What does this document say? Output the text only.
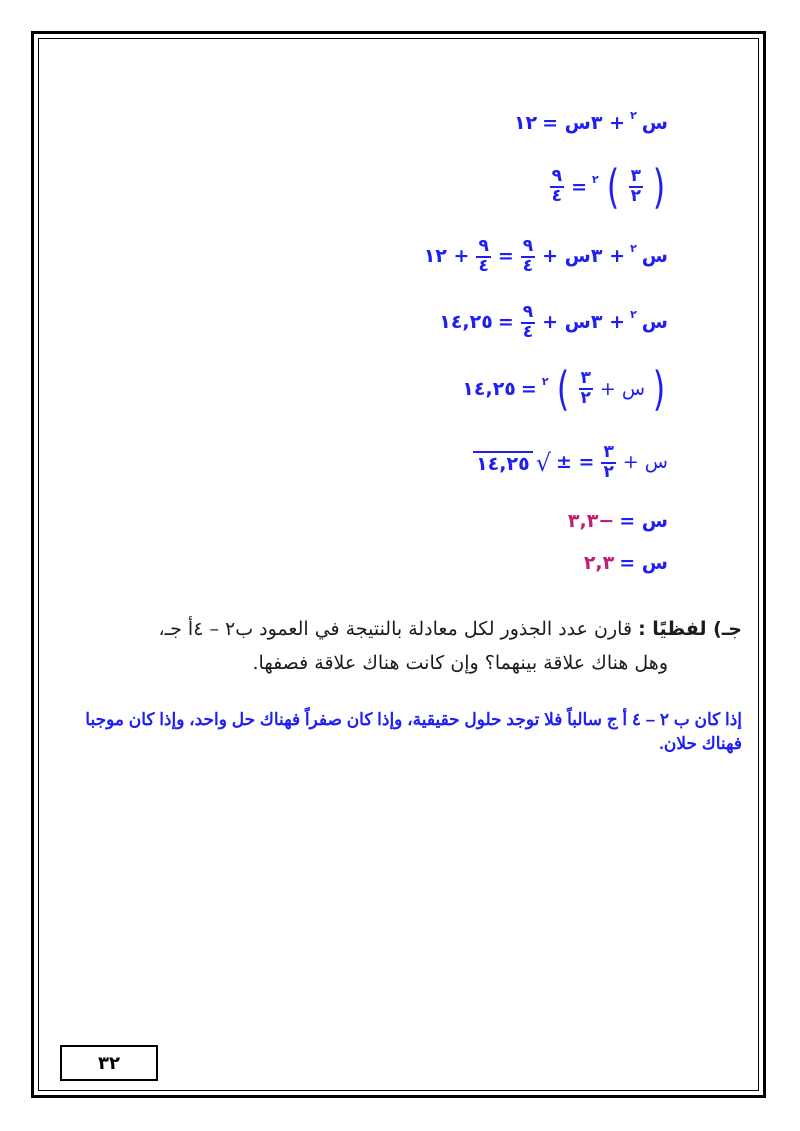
س
٢
+ ٣س =
١٢
(
$\frac{٣}{٢}$
)
٢
=
$\frac{٩}{٤}$
س
٢
+ ٣س +
$\frac{٩}{٤}$
=
$\frac{٩}{٤}$
+ ١٢
س
٢
+ ٣س +
$\frac{٩}{٤}$
=
١٤,٢٥
(
س +
$\frac{٣}{٢}$
)
٢
=
١٤,٢٥
س +
$\frac{٣}{٢}$
= ±
√
١٤,٢٥
س =
−٣,٣
س =
٢,٣
جـ) لفظيًا : قارن عدد الجذور لكل معادلة بالنتيجة في العمود ب٢ – ٤أ جـ،
وهل هناك علاقة بينهما؟ وإن كانت هناك علاقة فصفها.
إذا كان ب ٢ – ٤ أ ج سالباً فلا توجد حلول حقيقية، وإذا كان صفراً فهناك حل واحد، وإذا كان موجبا فهناك حلان.
٣٢
